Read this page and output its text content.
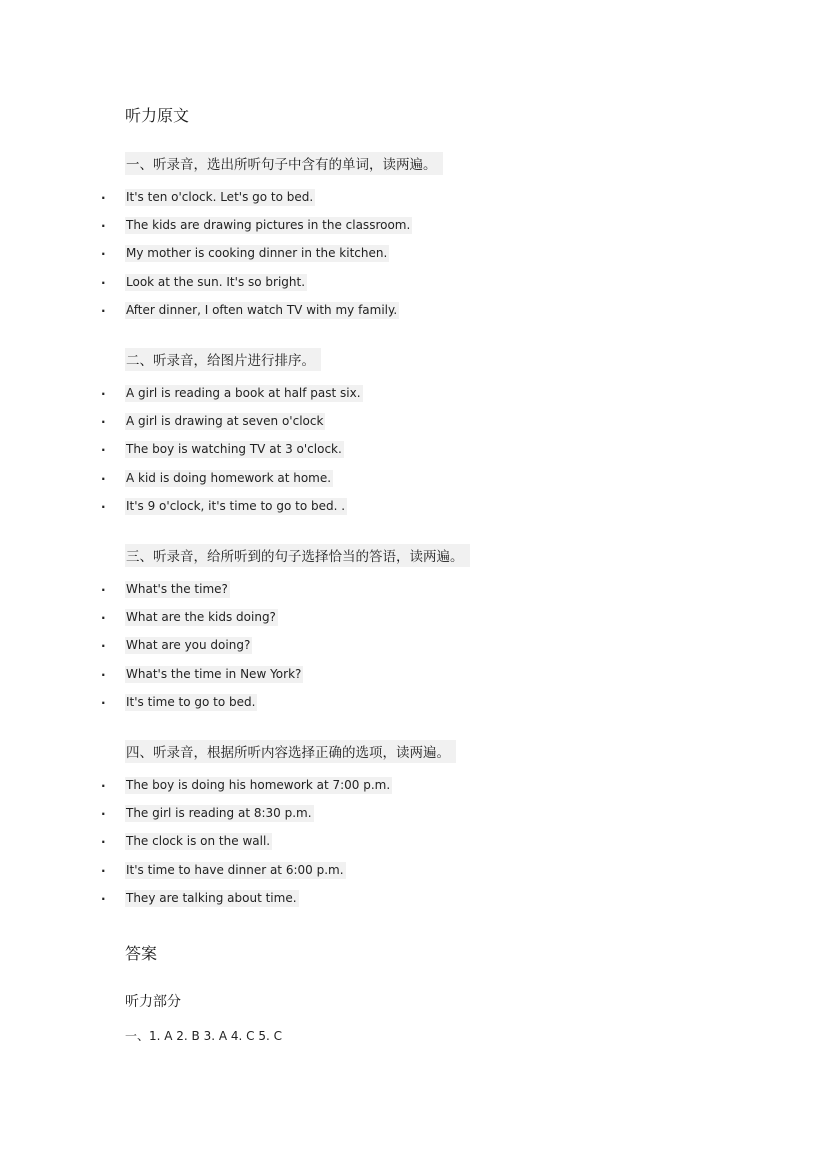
听力原文
一、听录音，选出所听句子中含有的单词，读两遍。
. It's ten o'clock. Let's go to bed.
. The kids are drawing pictures in the classroom.
. My mother is cooking dinner in the kitchen.
. Look at the sun. It's so bright.
. After dinner, I often watch TV with my family.
二、听录音，给图片进行排序。
. A girl is reading a book at half past six.
. A girl is drawing at seven o'clock
. The boy is watching TV at 3 o'clock.
. A kid is doing homework at home.
. It's 9 o'clock, it's time to go to bed. .
三、听录音，给所听到的句子选择恰当的答语，读两遍。
. What's the time?
. What are the kids doing?
. What are you doing?
. What's the time in New York?
. It's time to go to bed.
四、听录音，根据所听内容选择正确的选项，读两遍。
. The boy is doing his homework at 7:00 p.m.
. The girl is reading at 8:30 p.m.
. The clock is on the wall.
. It's time to have dinner at 6:00 p.m.
. They are talking about time.
答案
听力部分
一、1. A 2. B 3. A 4. C 5. C
